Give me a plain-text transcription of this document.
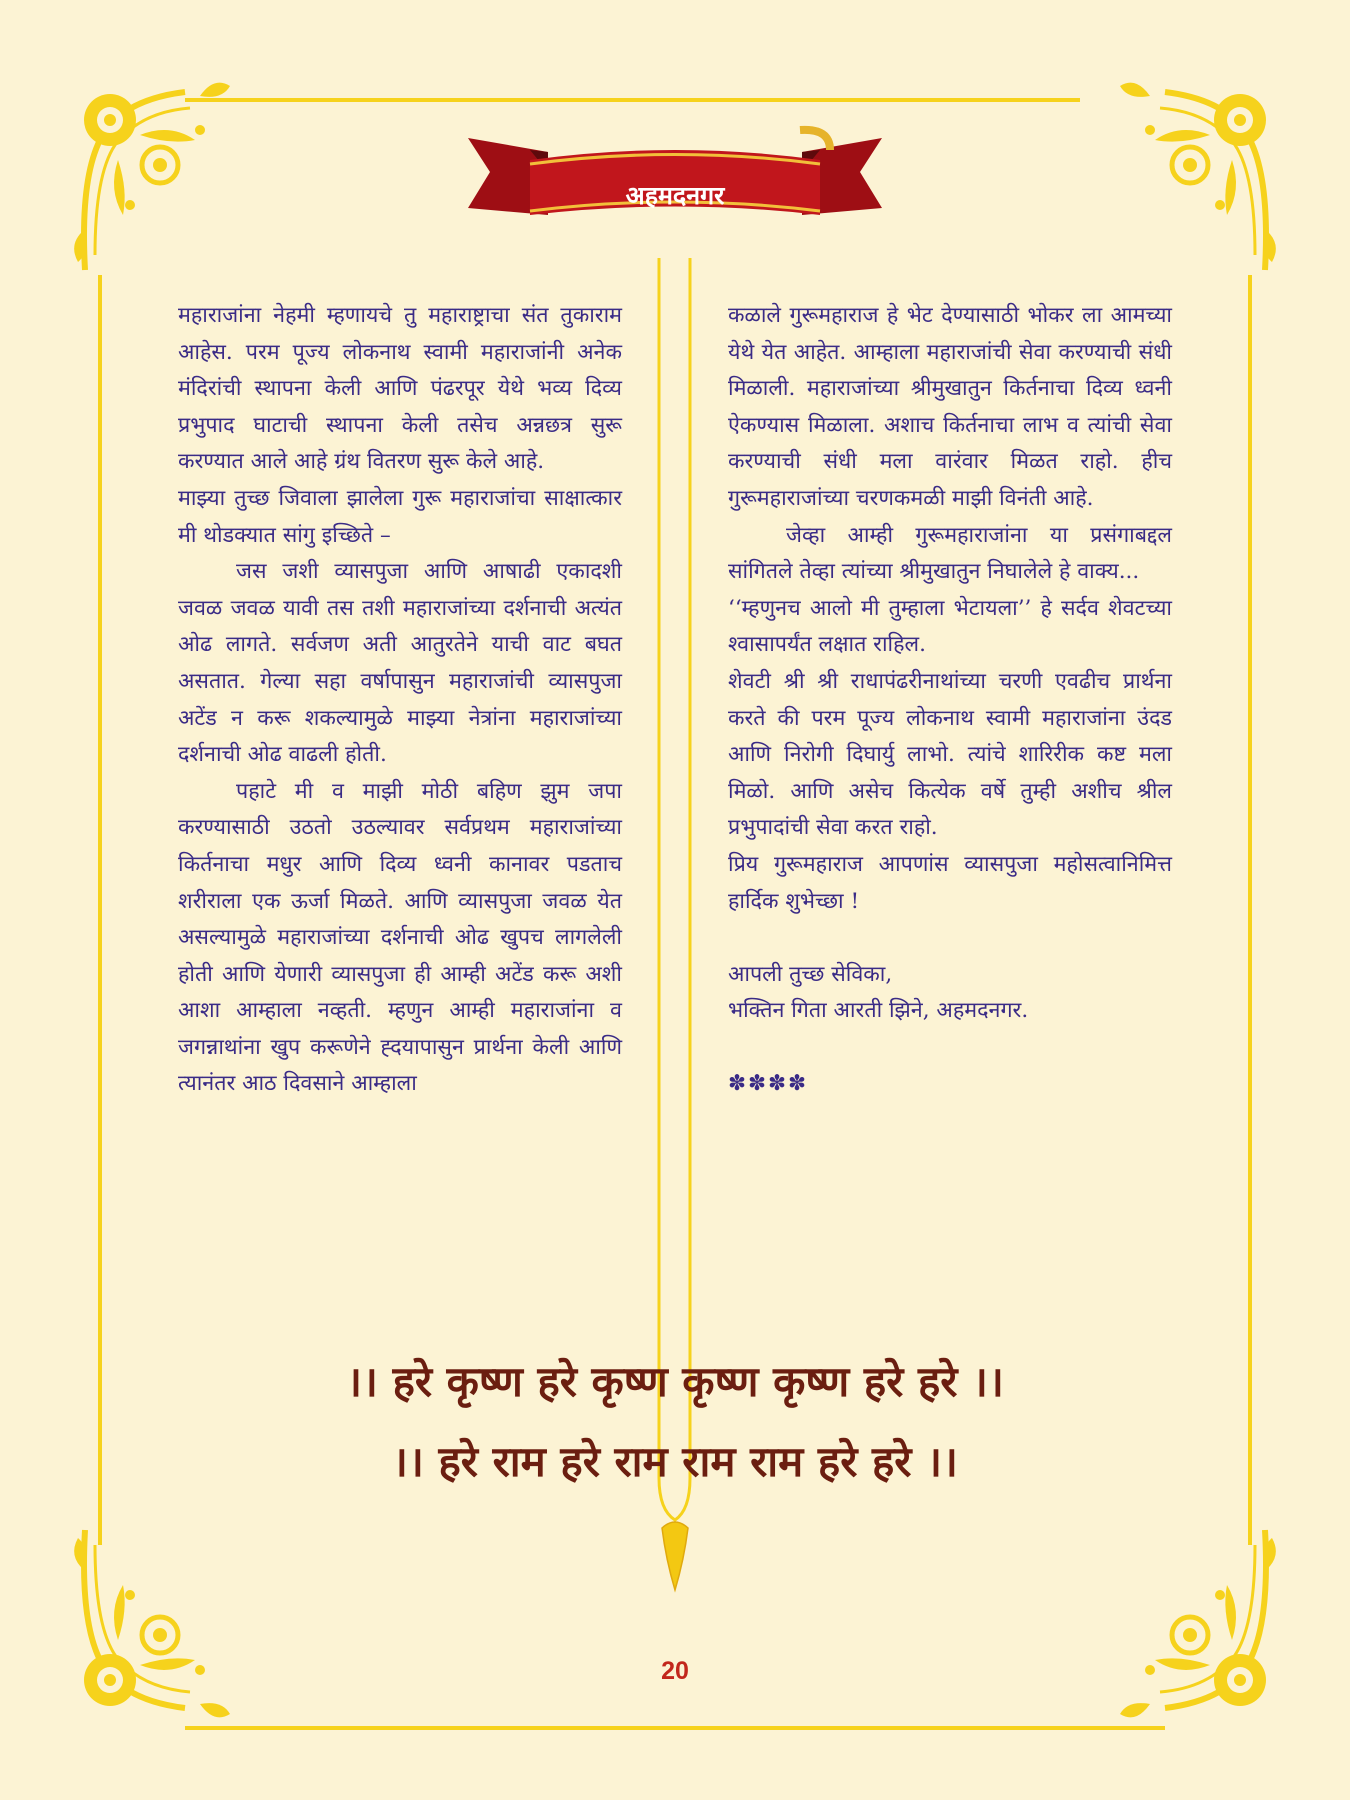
अहमदनगर

महाराजांना नेहमी म्हणायचे तु महाराष्ट्राचा संत तुकाराम आहेस. परम पूज्य लोकनाथ स्वामी महाराजांनी अनेक मंदिरांची स्थापना केली आणि पंढरपूर येथे भव्य दिव्य प्रभुपाद घाटाची स्थापना केली तसेच अन्नछत्र सुरू करण्यात आले आहे ग्रंथ वितरण सुरू केले आहे.

माझ्या तुच्छ जिवाला झालेला गुरू महाराजांचा साक्षात्कार मी थोडक्यात सांगु इच्छिते –

जस जशी व्यासपुजा आणि आषाढी एकादशी जवळ जवळ यावी तस तशी महाराजांच्या दर्शनाची अत्यंत ओढ लागते. सर्वजण अती आतुरतेने याची वाट बघत असतात. गेल्या सहा वर्षापासुन महाराजांची व्यासपुजा अटेंड न करू शकल्यामुळे माझ्या नेत्रांना महाराजांच्या दर्शनाची ओढ वाढली होती.

पहाटे मी व माझी मोठी बहिण झुम जपा करण्यासाठी उठतो उठल्यावर सर्वप्रथम महाराजांच्या किर्तनाचा मधुर आणि दिव्य ध्वनी कानावर पडताच शरीराला एक ऊर्जा मिळते. आणि व्यासपुजा जवळ येत असल्यामुळे महाराजांच्या दर्शनाची ओढ खुपच लागलेली होती आणि येणारी व्यासपुजा ही आम्ही अटेंड करू अशी आशा आम्हाला नव्हती. म्हणुन आम्ही महाराजांना व जगन्नाथांना खुप करूणेने ह्दयापासुन प्रार्थना केली आणि त्यानंतर आठ दिवसाने आम्हाला

कळाले गुरूमहाराज हे भेट देण्यासाठी भोकर ला आमच्या येथे येत आहेत. आम्हाला महाराजांची सेवा करण्याची संधी मिळाली. महाराजांच्या श्रीमुखातुन किर्तनाचा दिव्य ध्वनी ऐकण्यास मिळाला. अशाच किर्तनाचा लाभ व त्यांची सेवा करण्याची संधी मला वारंवार मिळत राहो. हीच गुरूमहाराजांच्या चरणकमळी माझी विनंती आहे.

जेव्हा आम्ही गुरूमहाराजांना या प्रसंगाबद्दल सांगितले तेव्हा त्यांच्या श्रीमुखातुन निघालेले हे वाक्य...

‘‘म्हणुनच आलो मी तुम्हाला भेटायला’’ हे सर्दव शेवटच्या श्वासापर्यंत लक्षात राहिल.

शेवटी श्री श्री राधापंढरीनाथांच्या चरणी एवढीच प्रार्थना करते की परम पूज्य लोकनाथ स्वामी महाराजांना उंदड आणि निरोगी दिघार्यु लाभो. त्यांचे शारिरीक कष्ट मला मिळो. आणि असेच कित्येक वर्षे तुम्ही अशीच श्रील प्रभुपादांची सेवा करत राहो.

प्रिय गुरूमहाराज आपणांस व्यासपुजा महोसत्वानिमित्त हार्दिक शुभेच्छा !

आपली तुच्छ सेविका,

भक्तिन गिता आरती झिने, अहमदनगर.

✽✽✽✽

।। हरे कृष्ण हरे कृष्ण कृष्ण कृष्ण हरे हरे ।।
।। हरे राम हरे राम राम राम हरे हरे ।।
20
